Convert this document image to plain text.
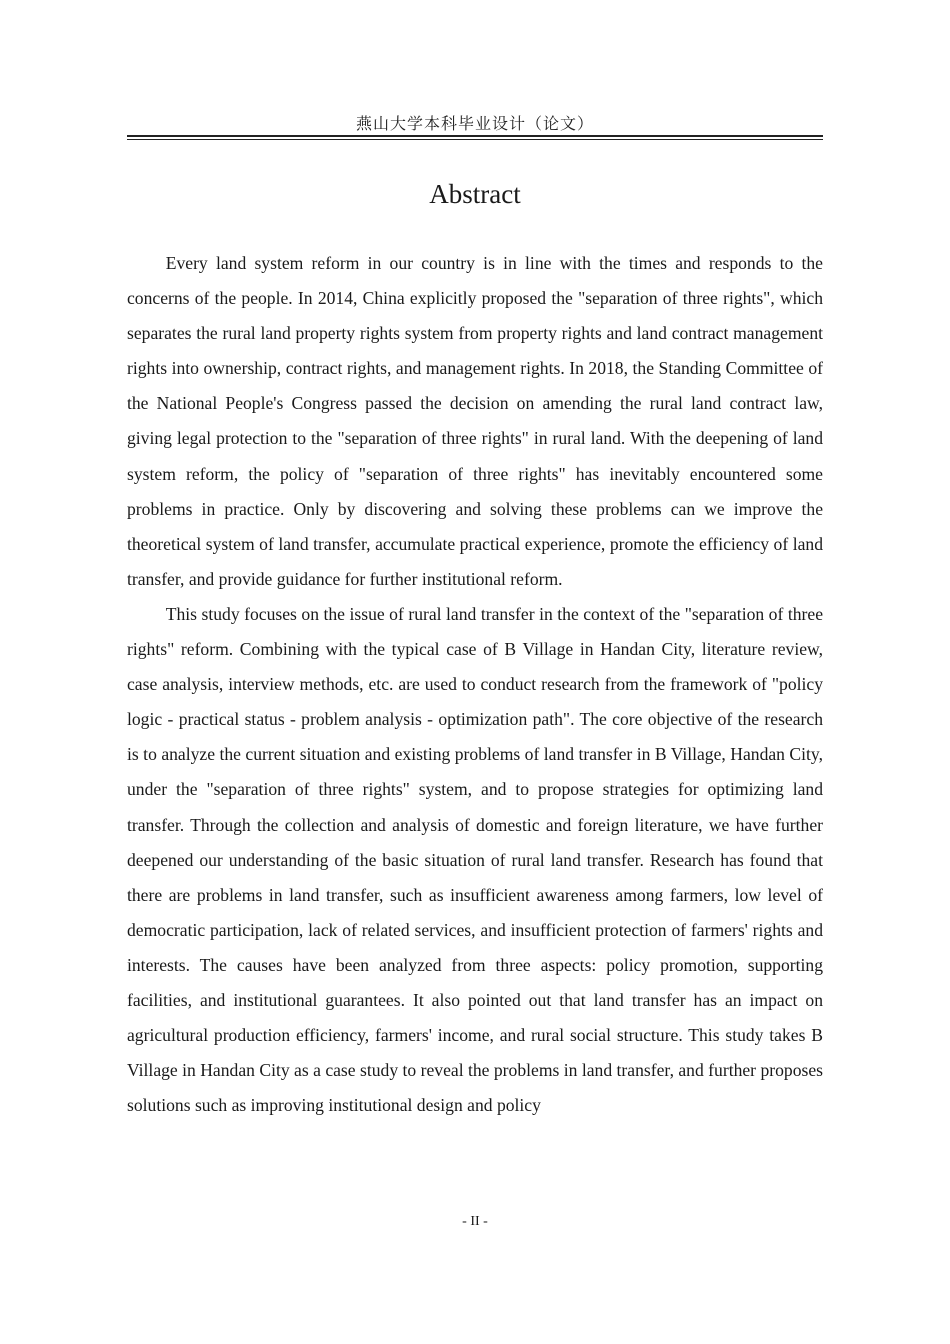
燕山大学本科毕业设计（论文）
Abstract

Every land system reform in our country is in line with the times and responds to the concerns of the people. In 2014, China explicitly proposed the "separation of three rights", which separates the rural land property rights system from property rights and land contract management rights into ownership, contract rights, and management rights. In 2018, the Standing Committee of the National People's Congress passed the decision on amending the rural land contract law, giving legal protection to the "separation of three rights" in rural land. With the deepening of land system reform, the policy of "separation of three rights" has inevitably encountered some problems in practice. Only by discovering and solving these problems can we improve the theoretical system of land transfer, accumulate practical experience, promote the efficiency of land transfer, and provide guidance for further institutional reform.

This study focuses on the issue of rural land transfer in the context of the "separation of three rights" reform. Combining with the typical case of B Village in Handan City, literature review, case analysis, interview methods, etc. are used to conduct research from the framework of "policy logic - practical status - problem analysis - optimization path". The core objective of the research is to analyze the current situation and existing problems of land transfer in B Village, Handan City, under the "separation of three rights" system, and to propose strategies for optimizing land transfer. Through the collection and analysis of domestic and foreign literature, we have further deepened our understanding of the basic situation of rural land transfer. Research has found that there are problems in land transfer, such as insufficient awareness among farmers, low level of democratic participation, lack of related services, and insufficient protection of farmers' rights and interests. The causes have been analyzed from three aspects: policy promotion, supporting facilities, and institutional guarantees. It also pointed out that land transfer has an impact on agricultural production efficiency, farmers' income, and rural social structure. This study takes B Village in Handan City as a case study to reveal the problems in land transfer, and further proposes solutions such as improving institutional design and policy

- II -
